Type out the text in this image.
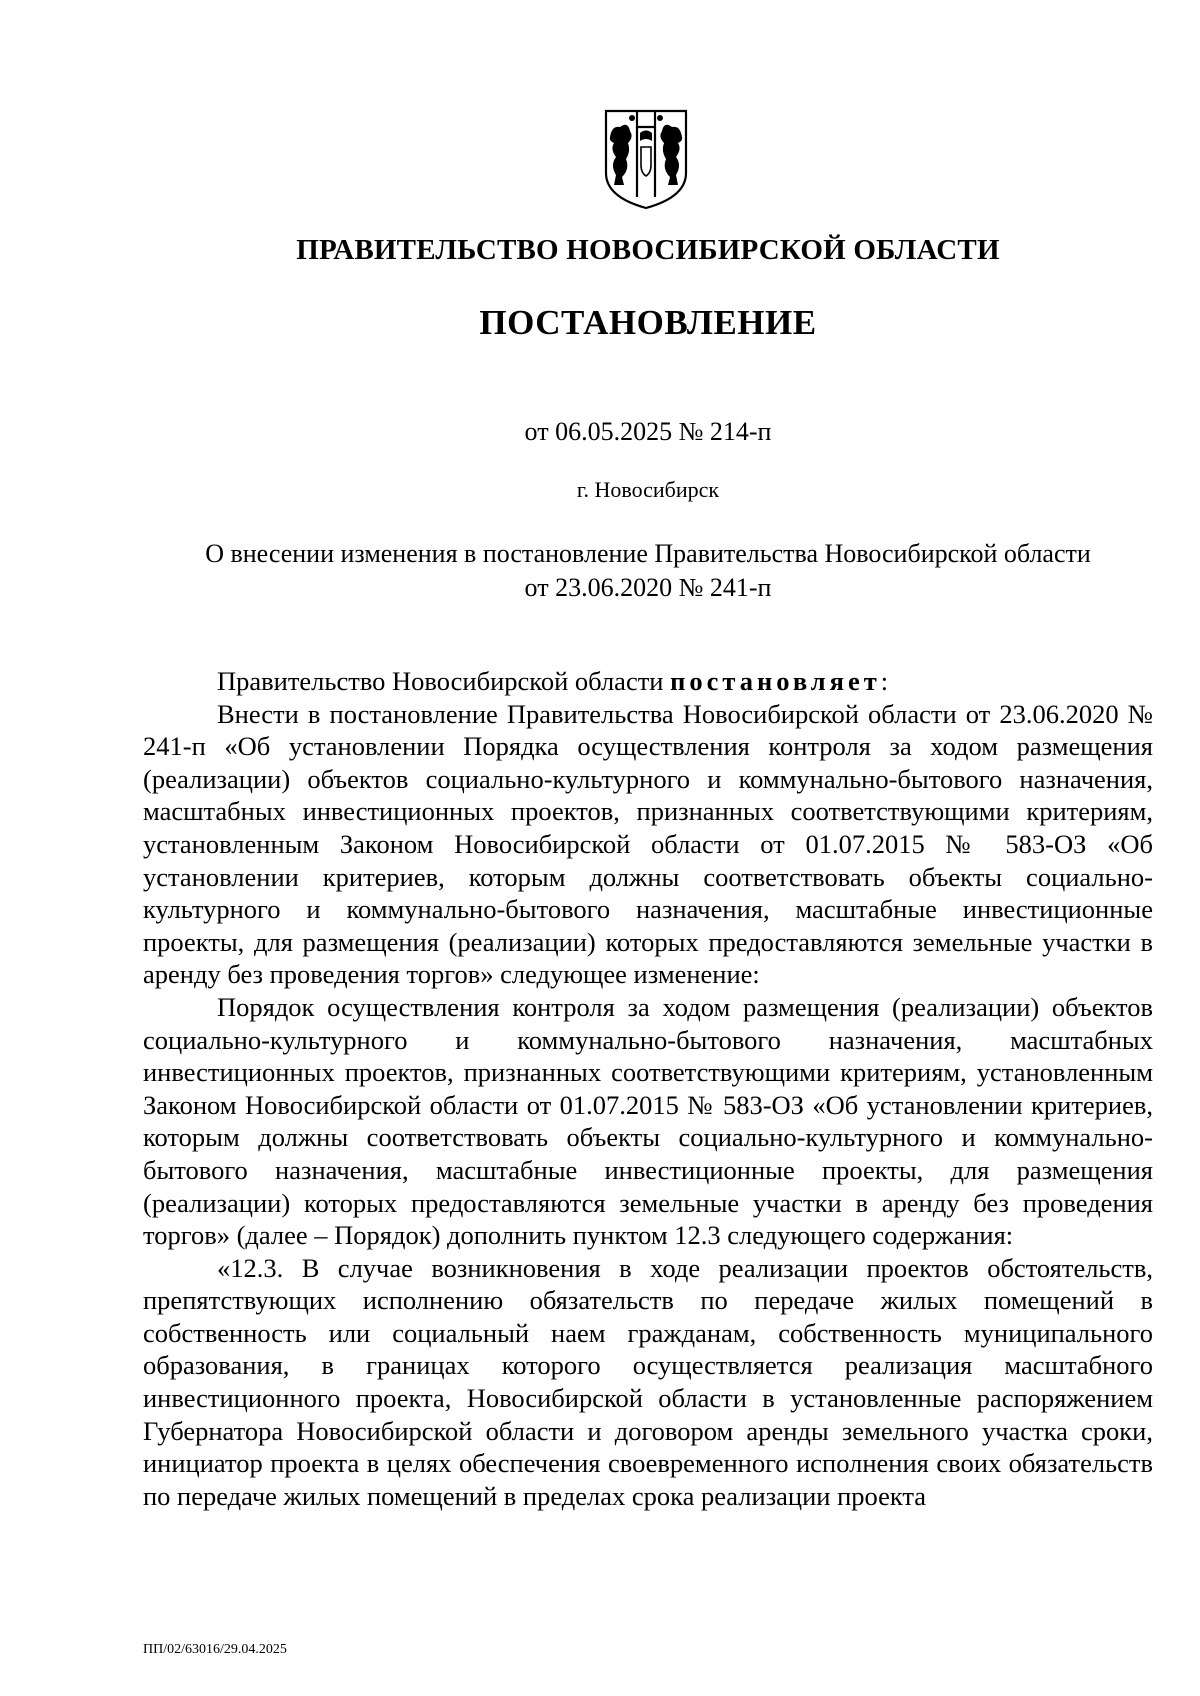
ПРАВИТЕЛЬСТВО НОВОСИБИРСКОЙ ОБЛАСТИ
ПОСТАНОВЛЕНИЕ
от 06.05.2025 № 214-п
г. Новосибирск
О внесении изменения в постановление Правительства Новосибирской области
от 23.06.2020 № 241-п

Правительство Новосибирской области постановляет:

Внести в постановление Правительства Новосибирской области от 23.06.2020 № 241-п «Об установлении Порядка осуществления контроля за ходом размещения (реализации) объектов социально-культурного и коммунально-бытового назначения, масштабных инвестиционных проектов, признанных соответствующими критериям, установленным Законом Новосибирской области от 01.07.2015 № 583-ОЗ «Об установлении критериев, которым должны соответствовать объекты социально-культурного и коммунально-бытового назначения, масштабные инвестиционные проекты, для размещения (реализации) которых предоставляются земельные участки в аренду без проведения торгов» следующее изменение:

Порядок осуществления контроля за ходом размещения (реализации) объектов социально-культурного и коммунально-бытового назначения, масштабных инвестиционных проектов, признанных соответствующими критериям, установленным Законом Новосибирской области от 01.07.2015 № 583-ОЗ «Об установлении критериев, которым должны соответствовать объекты социально-культурного и коммунально-бытового назначения, масштабные инвестиционные проекты, для размещения (реализации) которых предоставляются земельные участки в аренду без проведения торгов» (далее – Порядок) дополнить пунктом 12.3 следующего содержания:

«12.3. В случае возникновения в ходе реализации проектов обстоятельств, препятствующих исполнению обязательств по передаче жилых помещений в собственность или социальный наем гражданам, собственность муниципального образования, в границах которого осуществляется реализация масштабного инвестиционного проекта, Новосибирской области в установленные распоряжением Губернатора Новосибирской области и договором аренды земельного участка сроки, инициатор проекта в целях обеспечения своевременного исполнения своих обязательств по передаче жилых помещений в пределах срока реализации проекта

ПП/02/63016/29.04.2025
